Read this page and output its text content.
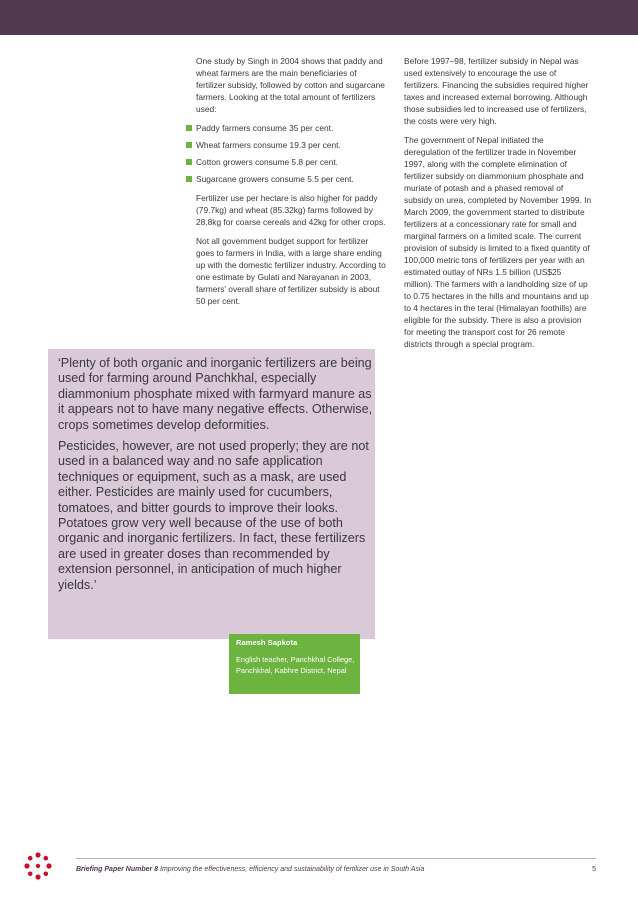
One study by Singh in 2004 shows that paddy and wheat farmers are the main beneficiaries of fertilizer subsidy, followed by cotton and sugarcane farmers. Looking at the total amount of fertilizers used:

Paddy farmers consume 35 per cent.
Wheat farmers consume 19.3 per cent.
Cotton growers consume 5.8 per cent.
Sugarcane growers consume 5.5 per cent.

Fertilizer use per hectare is also higher for paddy (79.7kg) and wheat (85.32kg) farms followed by 28.8kg for coarse cereals and 42kg for other crops.

Not all government budget support for fertilizer goes to farmers in India, with a large share ending up with the domestic fertilizer industry. According to one estimate by Gulati and Narayanan in 2003, farmers' overall share of fertilizer subsidy is about 50 per cent.

Before 1997–98, fertilizer subsidy in Nepal was used extensively to encourage the use of fertilizers. Financing the subsidies required higher taxes and increased external borrowing. Although those subsidies led to increased use of fertilizers, the costs were very high.

The government of Nepal initiated the deregulation of the fertilizer trade in November 1997, along with the complete elimination of fertilizer subsidy on diammonium phosphate and muriate of potash and a phased removal of subsidy on urea, completed by November 1999. In March 2009, the government started to distribute fertilizers at a concessionary rate for small and marginal farmers on a limited scale. The current provision of subsidy is limited to a fixed quantity of 100,000 metric tons of fertilizers per year with an estimated outlay of NRs 1.5 billion (US$25 million). The farmers with a landholding size of up to 0.75 hectares in the hills and mountains and up to 4 hectares in the terai (Himalayan foothills) are eligible for the subsidy. There is also a provision for meeting the transport cost for 26 remote districts through a special program.

‘Plenty of both organic and inorganic fertilizers are being used for farming around Panchkhal, especially diammonium phosphate mixed with farmyard manure as it appears not to have many negative effects. Otherwise, crops sometimes develop deformities.

Pesticides, however, are not used properly; they are not used in a balanced way and no safe application techniques or equipment, such as a mask, are used either. Pesticides are mainly used for cucumbers, tomatoes, and bitter gourds to improve their looks. Potatoes grow very well because of the use of both organic and inorganic fertilizers. In fact, these fertilizers are used in greater doses than recommended by extension personnel, in anticipation of much higher yields.’

Ramesh Sapkota
English teacher, Panchkhal College, Panchkhal, Kabhre District, Nepal
Briefing Paper Number 8 Improving the effectiveness, efficiency and sustainability of fertilizer use in South Asia	5
